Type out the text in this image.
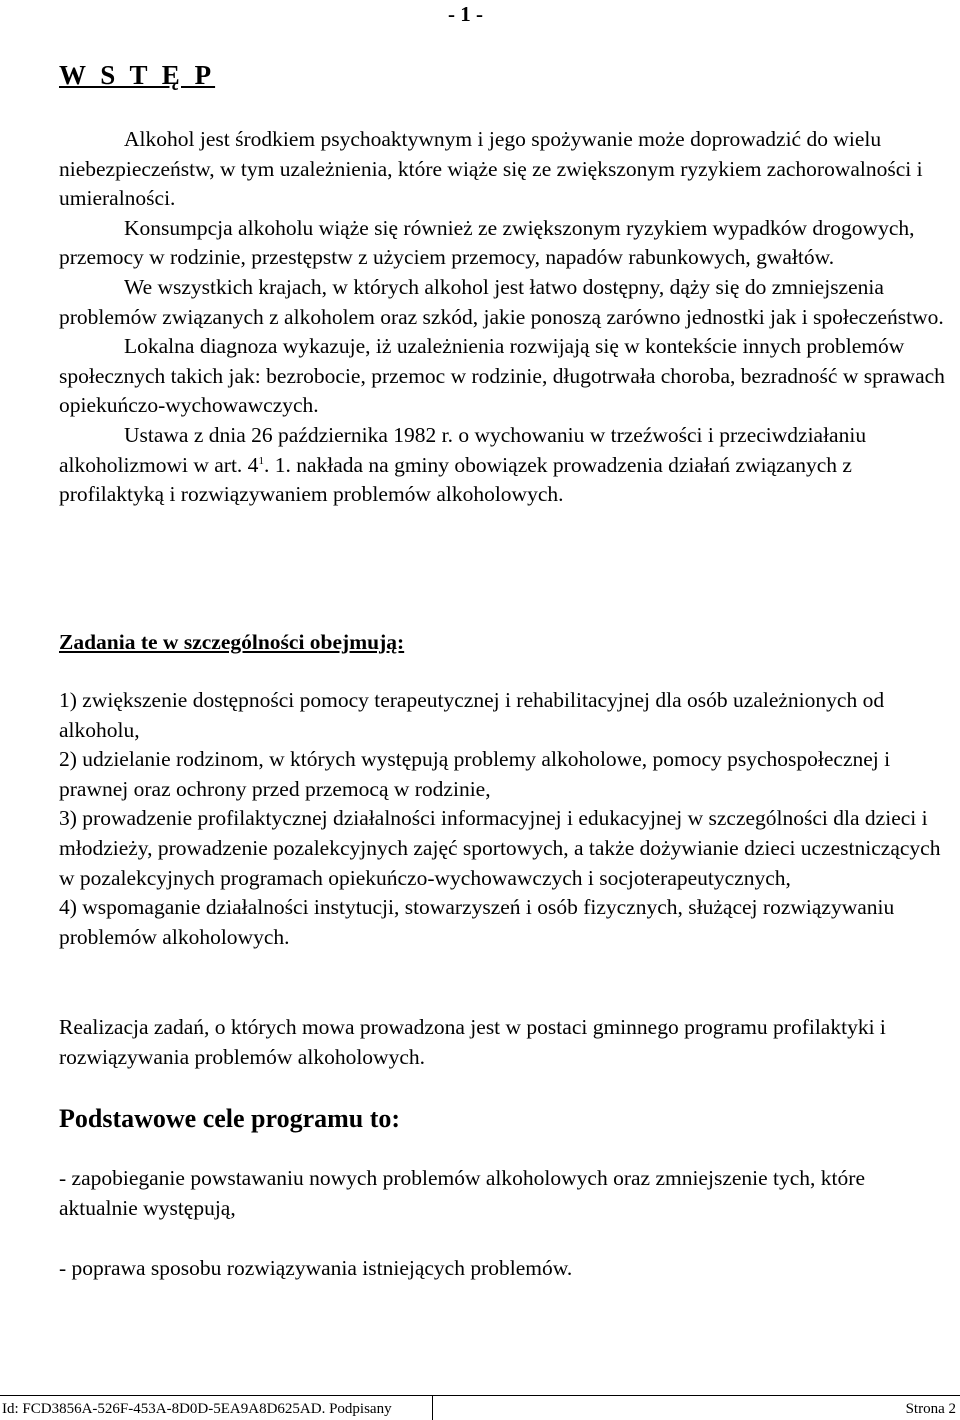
- 1 -
W S T Ę P

Alkohol jest środkiem psychoaktywnym i jego spożywanie może doprowadzić do wielu niebezpieczeństw, w tym uzależnienia, które wiąże się ze zwiększonym ryzykiem zachorowalności i umieralności.

Konsumpcja alkoholu wiąże się również ze zwiększonym ryzykiem wypadków drogowych, przemocy w rodzinie, przestępstw z użyciem przemocy, napadów rabunkowych, gwałtów.

We wszystkich krajach, w których alkohol jest łatwo dostępny, dąży się do zmniejszenia problemów związanych z alkoholem oraz szkód, jakie ponoszą zarówno jednostki jak i społeczeństwo.

Lokalna diagnoza wykazuje, iż uzależnienia rozwijają się w kontekście innych problemów społecznych takich jak: bezrobocie, przemoc w rodzinie, długotrwała choroba, bezradność w sprawach opiekuńczo-wychowawczych.

Ustawa z dnia 26 października 1982 r. o wychowaniu w trzeźwości i przeciwdziałaniu alkoholizmowi w art. $4^1$. 1. nakłada na gminy obowiązek prowadzenia działań związanych z profilaktyką i rozwiązywaniem problemów alkoholowych.

Zadania te w szczególności obejmują:

1) zwiększenie dostępności pomocy terapeutycznej i rehabilitacyjnej dla osób uzależnionych od alkoholu,

2) udzielanie rodzinom, w których występują problemy alkoholowe, pomocy psychospołecznej i prawnej oraz ochrony przed przemocą w rodzinie,

3) prowadzenie profilaktycznej działalności informacyjnej i edukacyjnej w szczególności dla dzieci i młodzieży, prowadzenie pozalekcyjnych zajęć sportowych, a także dożywianie dzieci uczestniczących w pozalekcyjnych programach opiekuńczo-wychowawczych i socjoterapeutycznych,

4) wspomaganie działalności instytucji, stowarzyszeń i osób fizycznych, służącej rozwiązywaniu problemów alkoholowych.

Realizacja zadań, o których mowa prowadzona jest w postaci gminnego programu profilaktyki i rozwiązywania problemów alkoholowych.

Podstawowe cele programu to:

- zapobieganie powstawaniu nowych problemów alkoholowych oraz zmniejszenie tych, które aktualnie występują,

- poprawa sposobu rozwiązywania istniejących problemów.

Id: FCD3856A-526F-453A-8D0D-5EA9A8D625AD. Podpisany	Strona 2
